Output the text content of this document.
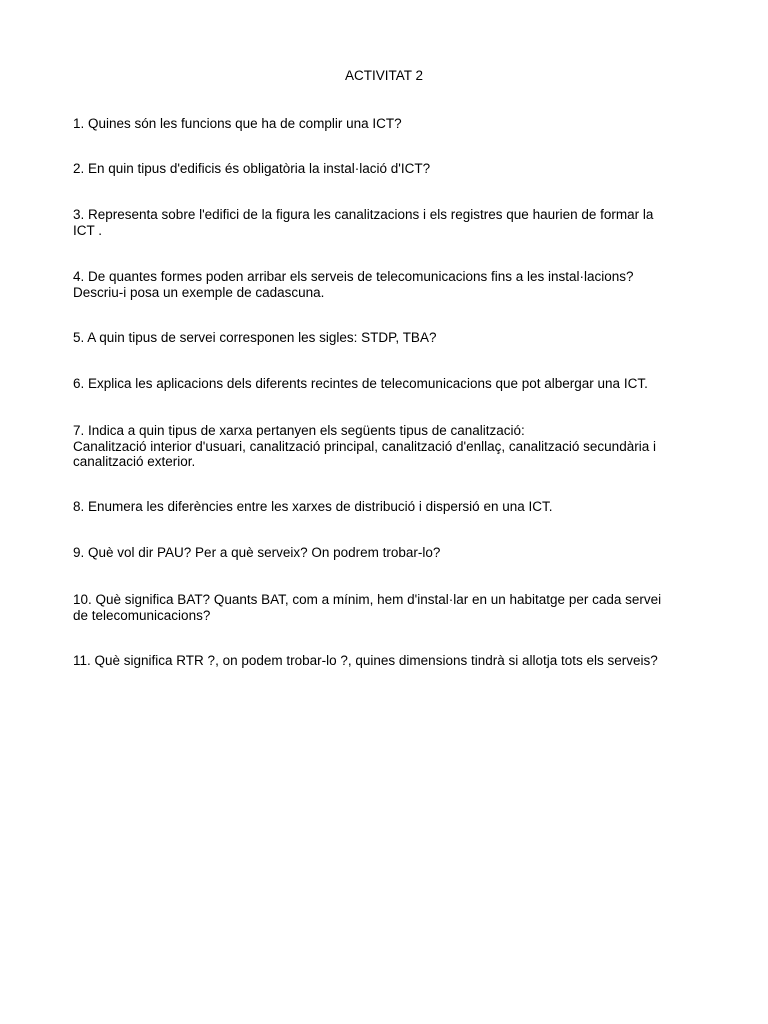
ACTIVITAT 2
1. Quines són les funcions que ha de complir una ICT?
2. En quin tipus d'edificis és obligatòria la instal·lació d'ICT?
3. Representa sobre l'edifici de la figura les canalitzacions i els registres que haurien de formar la
ICT .
4. De quantes formes poden arribar els serveis de telecomunicacions fins a les instal·lacions?
Descriu-i posa un exemple de cadascuna.
5. A quin tipus de servei corresponen les sigles: STDP, TBA?
6. Explica les aplicacions dels diferents recintes de telecomunicacions que pot albergar una ICT.
7. Indica a quin tipus de xarxa pertanyen els següents tipus de canalització:
Canalització interior d'usuari, canalització principal, canalització d'enllaç, canalització secundària i
canalització exterior.
8. Enumera les diferències entre les xarxes de distribució i dispersió en una ICT.
9. Què vol dir PAU? Per a què serveix? On podrem trobar-lo?
10. Què significa BAT? Quants BAT, com a mínim, hem d'instal·lar en un habitatge per cada servei
de telecomunicacions?
11. Què significa RTR ?, on podem trobar-lo ?, quines dimensions tindrà si allotja tots els serveis?
